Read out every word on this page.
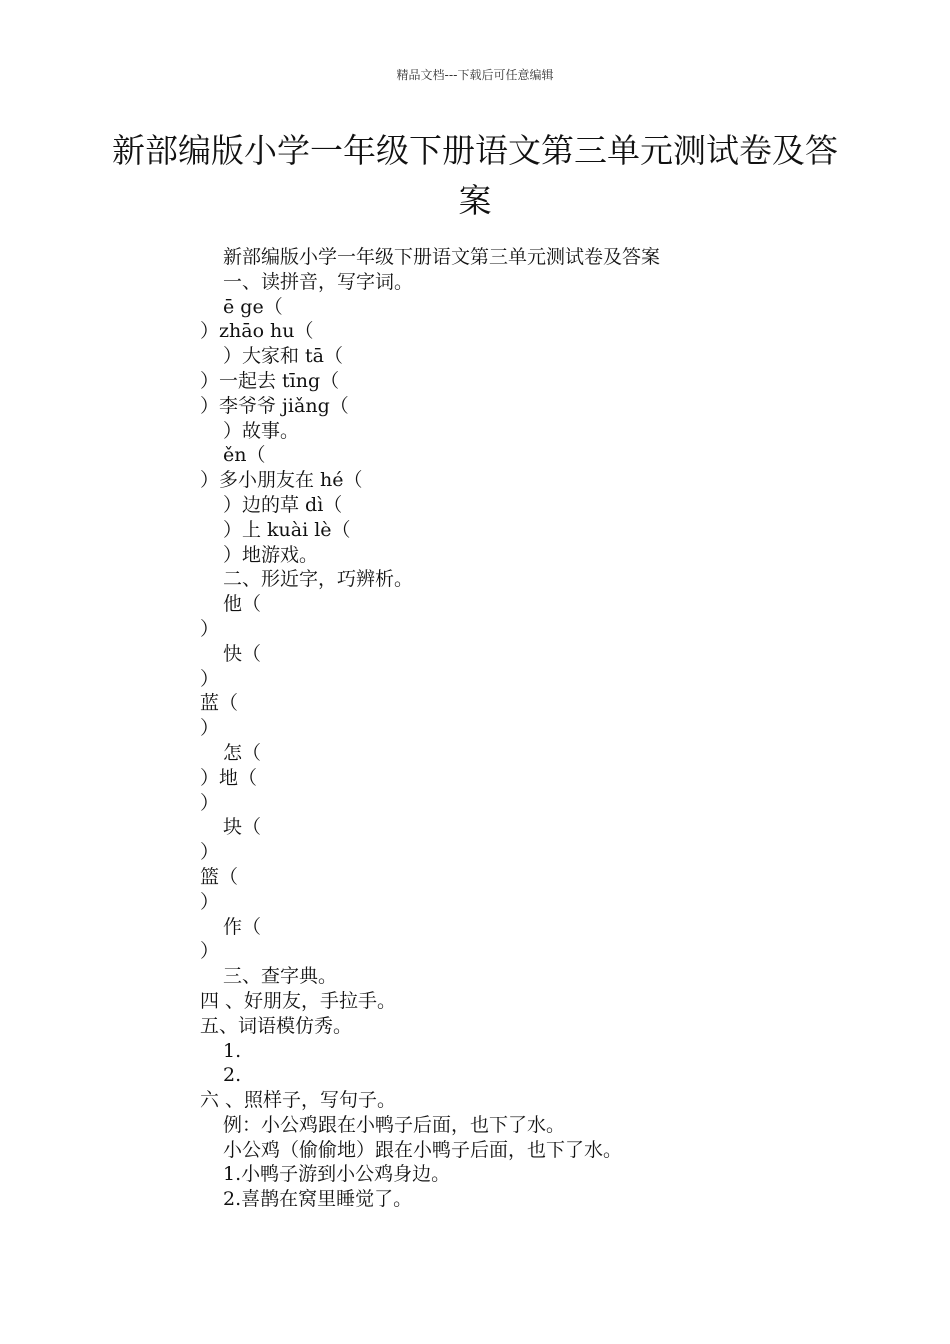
精品文档---下载后可任意编辑
新部编版小学一年级下册语文第三单元测试卷及答案
新部编版小学一年级下册语文第三单元测试卷及答案
一、读拼音，写字词。
ē ge（
）zhāo hu（
）大家和 tā（
）一起去 tīng（
）李爷爷 jiǎng（
）故事。
ěn（
）多小朋友在 hé（
）边的草 dì（
）上 kuài lè（
）地游戏。
二、形近字，巧辨析。
他（
）
快（
）
蓝（
）
怎（
）地（
）
块（
）
篮（
）
作（
）
三、查字典。
四 、好朋友，手拉手。
五、词语模仿秀。
1.
2.
六 、照样子，写句子。
例：小公鸡跟在小鸭子后面，也下了水。
小公鸡（偷偷地）跟在小鸭子后面，也下了水。
1.小鸭子游到小公鸡身边。
2.喜鹊在窝里睡觉了。
